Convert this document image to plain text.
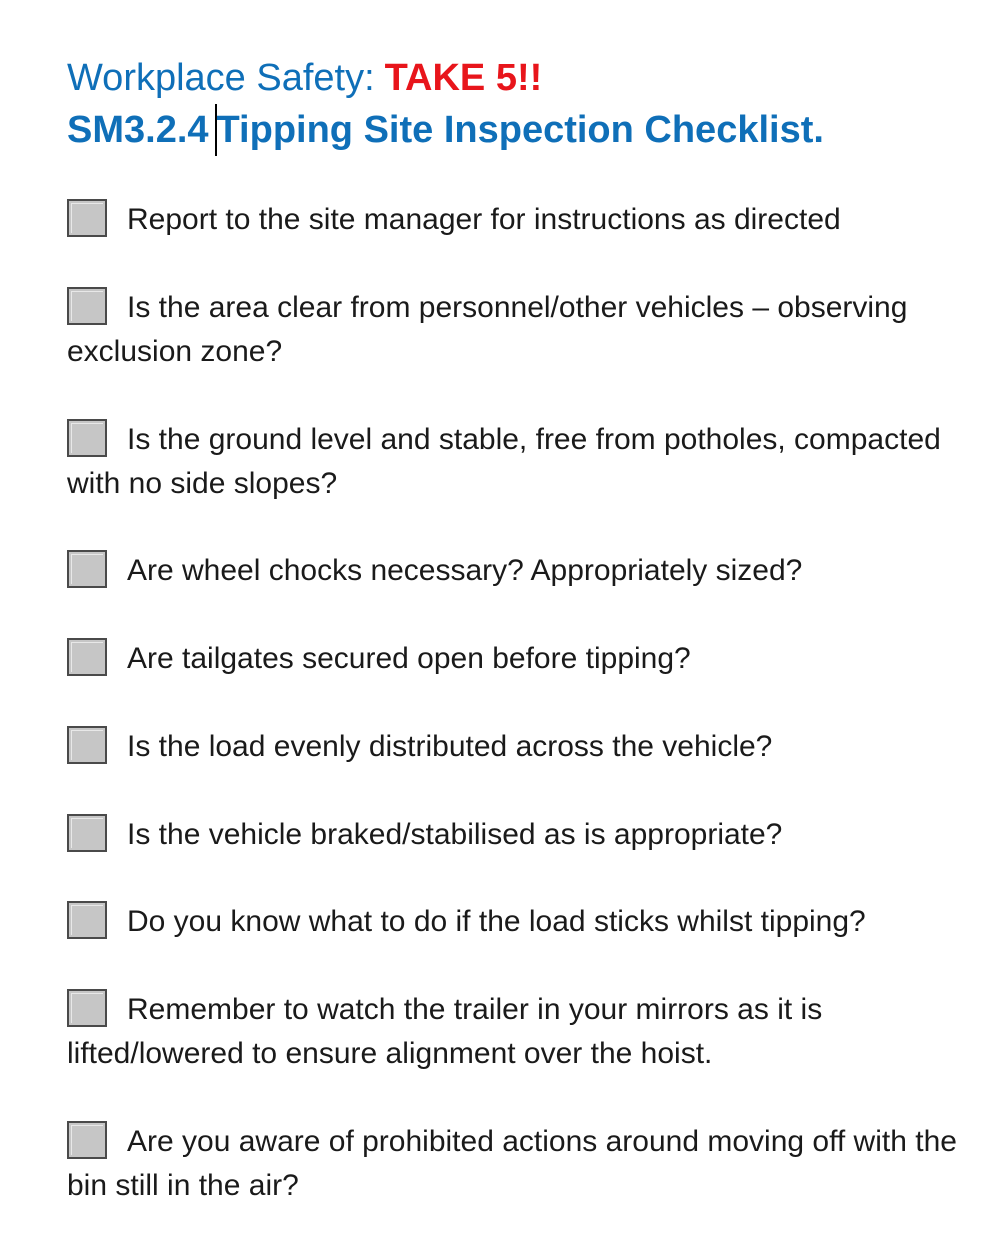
Workplace Safety: TAKE 5!!
SM3.2.4 Tipping Site Inspection Checklist.
Report to the site manager for instructions as directed
Is the area clear from personnel/other vehicles – observing exclusion zone?
Is the ground level and stable, free from potholes, compacted with no side slopes?
Are wheel chocks necessary? Appropriately sized?
Are tailgates secured open before tipping?
Is the load evenly distributed across the vehicle?
Is the vehicle braked/stabilised as is appropriate?
Do you know what to do if the load sticks whilst tipping?
Remember to watch the trailer in your mirrors as it is lifted/lowered to ensure alignment over the hoist.
Are you aware of prohibited actions around moving off with the bin still in the air?
